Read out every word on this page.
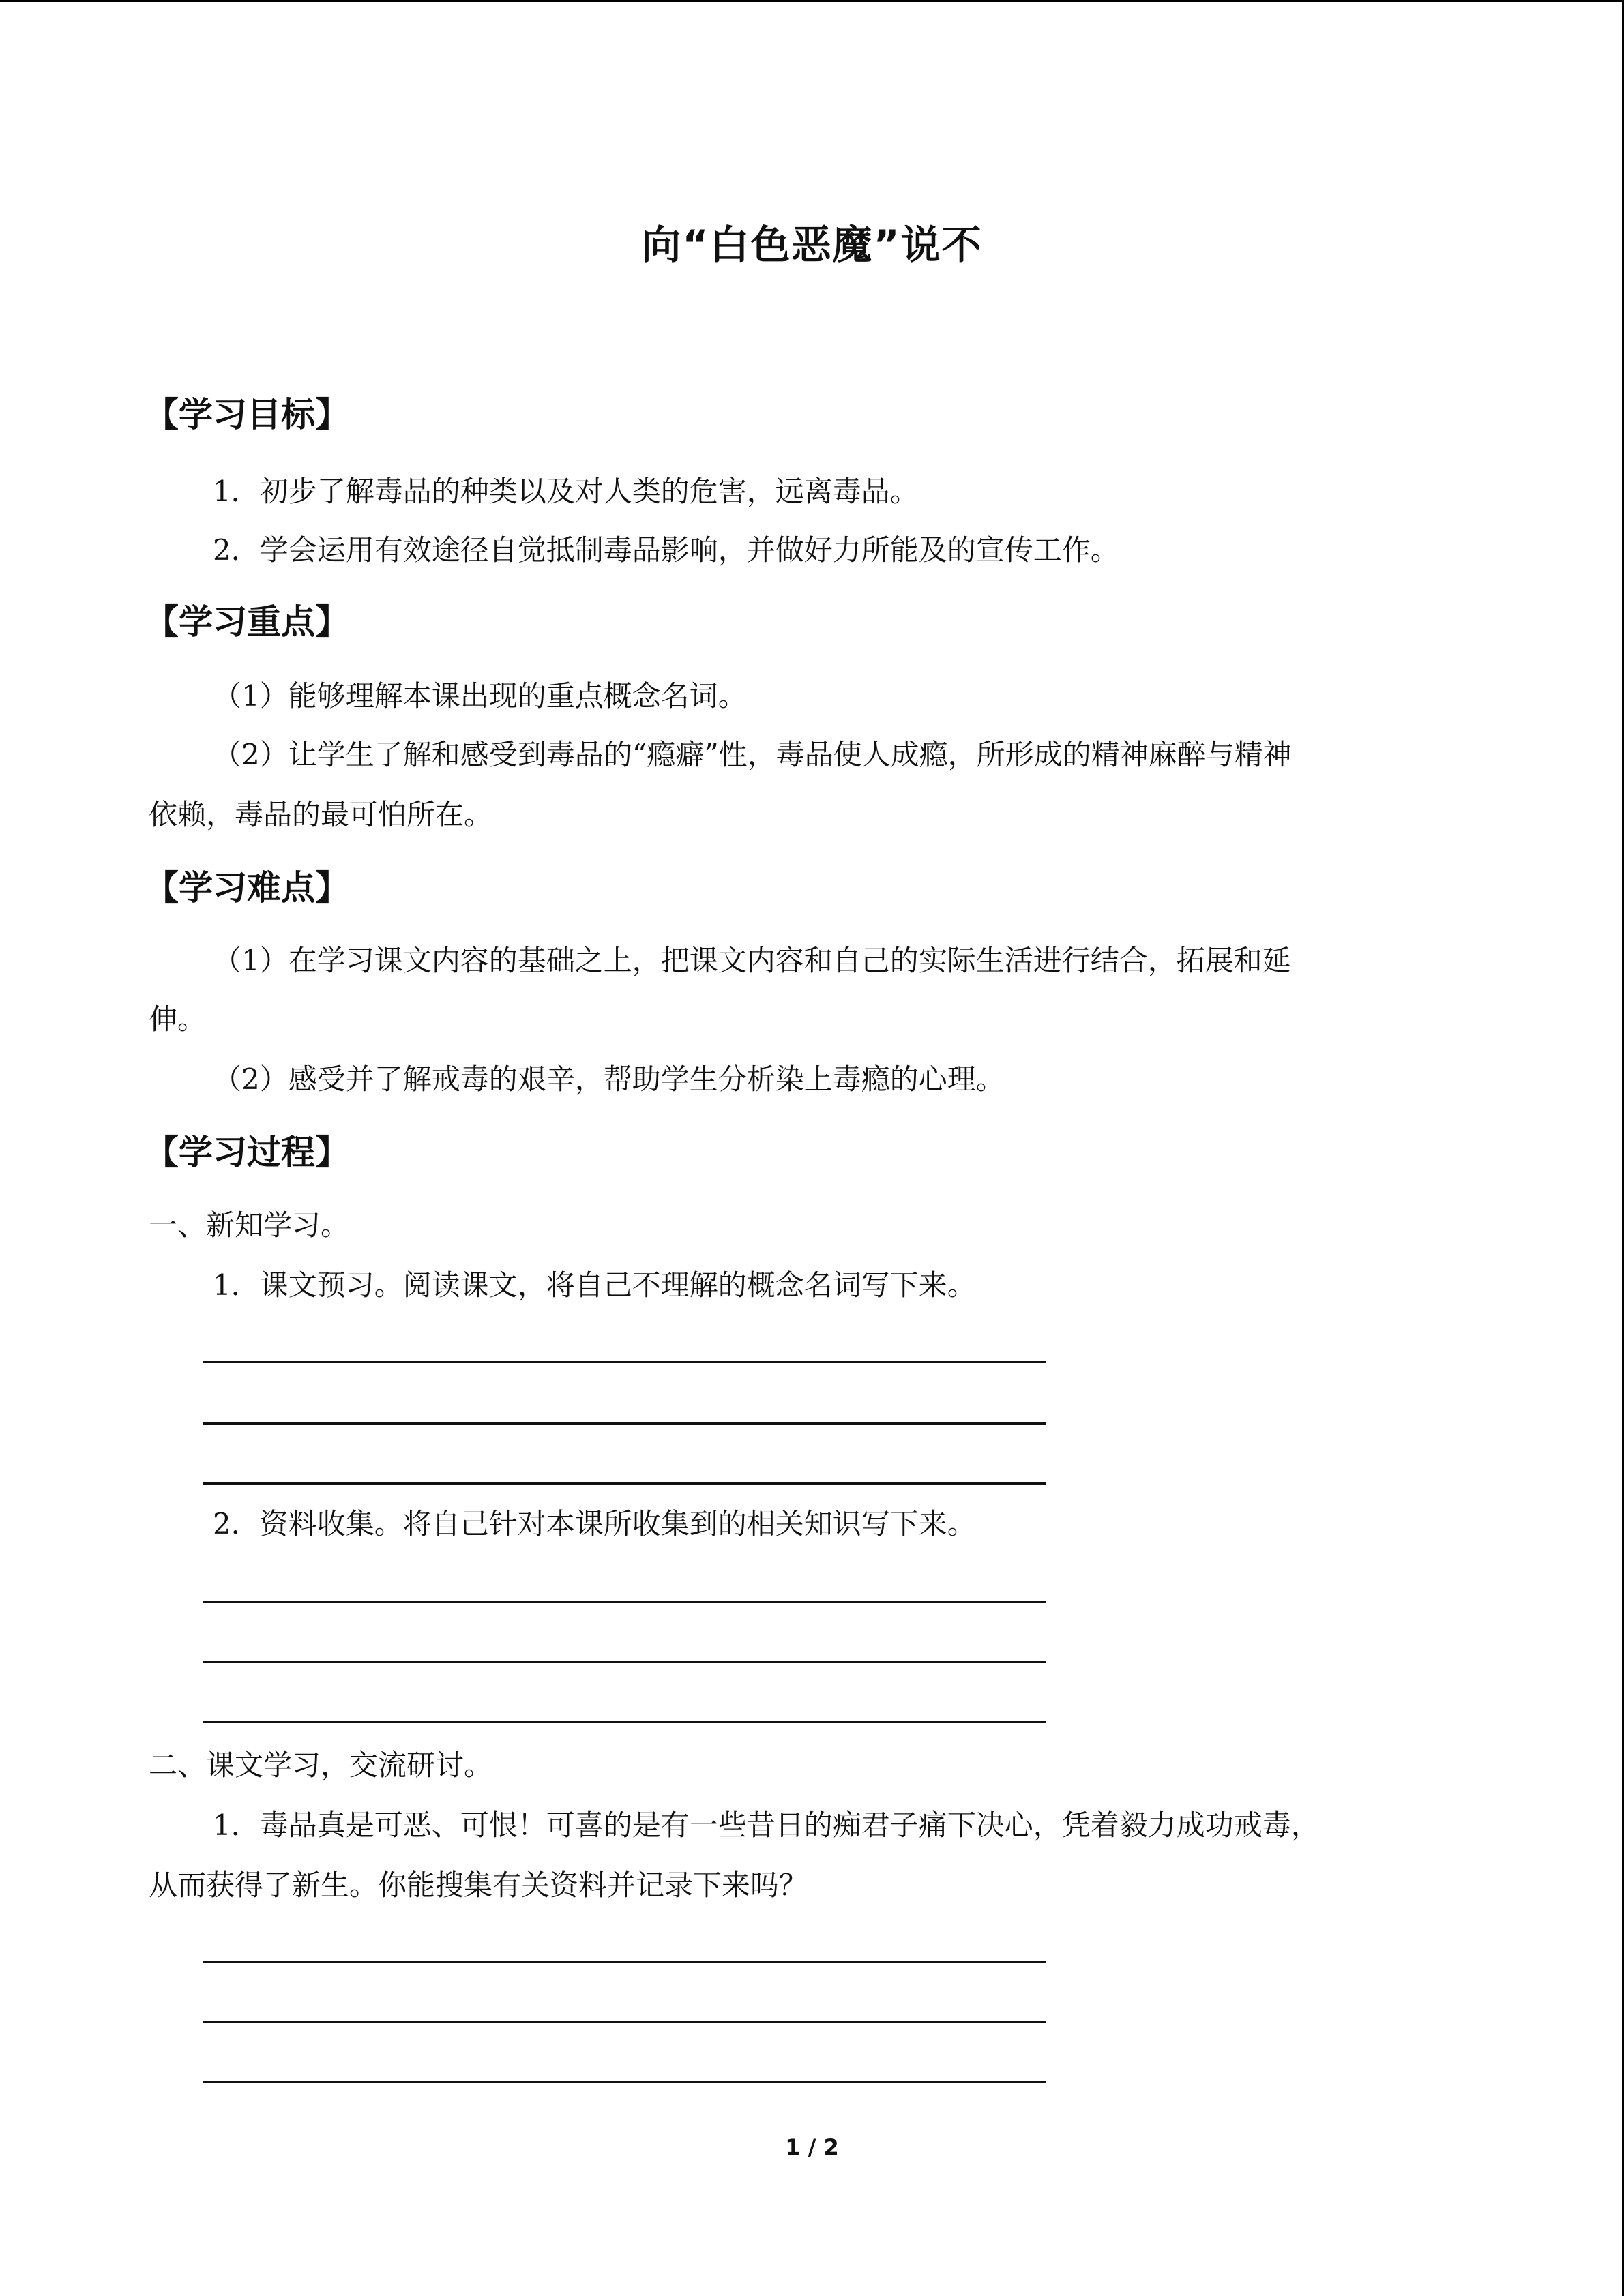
向“白色恶魔”说不
【学习目标】
1．初步了解毒品的种类以及对人类的危害，远离毒品。
2．学会运用有效途径自觉抵制毒品影响，并做好力所能及的宣传工作。
【学习重点】
（1）能够理解本课出现的重点概念名词。
（2）让学生了解和感受到毒品的“瘾癖”性，毒品使人成瘾，所形成的精神麻醉与精神
依赖，毒品的最可怕所在。
【学习难点】
（1）在学习课文内容的基础之上，把课文内容和自己的实际生活进行结合，拓展和延
伸。
（2）感受并了解戒毒的艰辛，帮助学生分析染上毒瘾的心理。
【学习过程】
一、新知学习。
1．课文预习。阅读课文，将自己不理解的概念名词写下来。
2．资料收集。将自己针对本课所收集到的相关知识写下来。
二、课文学习，交流研讨。
1．毒品真是可恶、可恨！可喜的是有一些昔日的痴君子痛下决心，凭着毅力成功戒毒，
从而获得了新生。你能搜集有关资料并记录下来吗？
1 / 2
